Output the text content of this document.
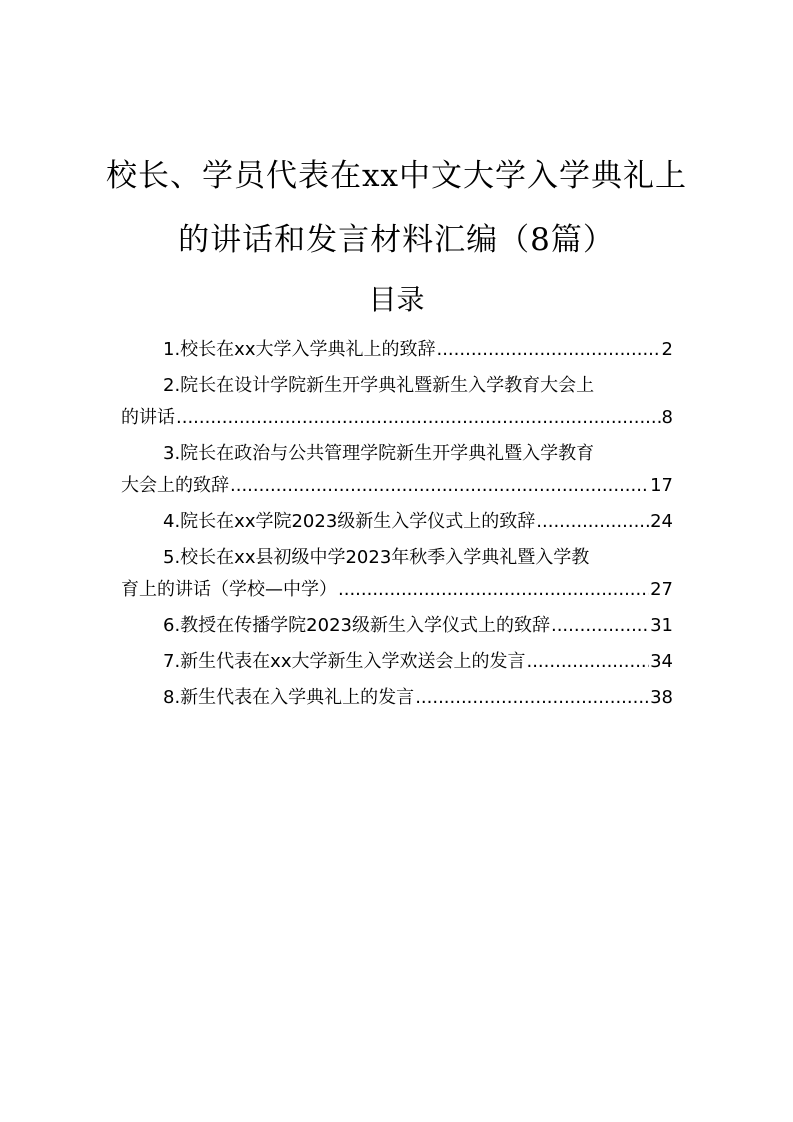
校长、学员代表在xx中文大学入学典礼上
的讲话和发言材料汇编（8篇）
目录
1.校长在xx大学入学典礼上的致辞 .....	2
2.院长在设计学院新生开学典礼暨新生入学教育大会上
的讲话 .....	8
3.院长在政治与公共管理学院新生开学典礼暨入学教育
大会上的致辞 .....	17
4.院长在xx学院2023级新生入学仪式上的致辞 .....	24
5.校长在xx县初级中学2023年秋季入学典礼暨入学教
育上的讲话（学校—中学） .....	27
6.教授在传播学院2023级新生入学仪式上的致辞 .....	31
7.新生代表在xx大学新生入学欢送会上的发言 .....	34
8.新生代表在入学典礼上的发言 .....	38
